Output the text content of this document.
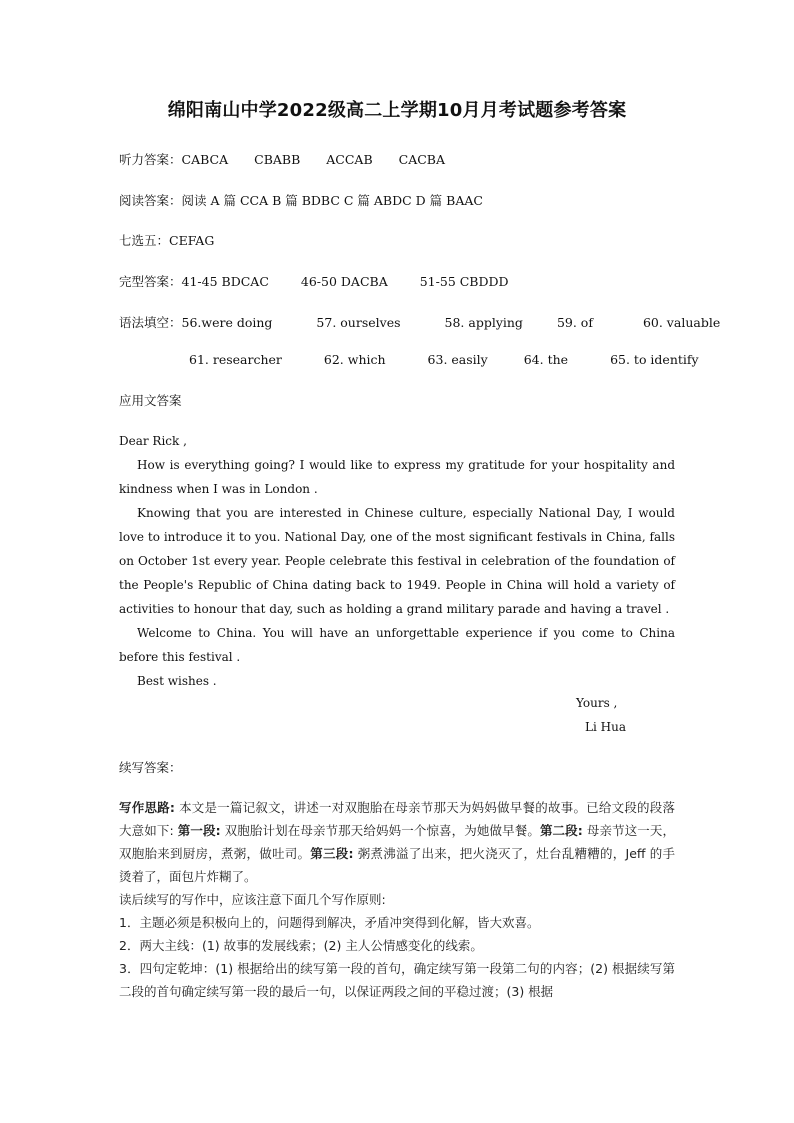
绵阳南山中学2022级高二上学期10月月考试题参考答案
听力答案：CABCA CBABB ACCAB CACBA
阅读答案：阅读 A 篇 CCA B 篇 BDBC C 篇 ABDC D 篇 BAAC
七选五：CEFAG
完型答案：41-45 BDCAC	46-50 DACBA	51-55 CBDDD
语法填空：56.were doing	57. ourselves	58. applying	59. of	60. valuable
61. researcher	62. which	63. easily	64. the	65. to identify
应用文答案

Dear Rick ,

How is everything going? I would like to express my gratitude for your hospitality and kindness when I was in London .

Knowing that you are interested in Chinese culture, especially National Day, I would love to introduce it to you. National Day, one of the most significant festivals in China, falls on October 1st every year. People celebrate this festival in celebration of the foundation of the People's Republic of China dating back to 1949. People in China will hold a variety of activities to honour that day, such as holding a grand military parade and having a travel .

Welcome to China. You will have an unforgettable experience if you come to China before this festival .

Best wishes .

Yours ,
Li Hua
续写答案：

写作思路: 本文是一篇记叙文，讲述一对双胞胎在母亲节那天为妈妈做早餐的故事。已给文段的段落大意如下: 第一段: 双胞胎计划在母亲节那天给妈妈一个惊喜，为她做早餐。第二段: 母亲节这一天，双胞胎来到厨房，煮粥，做吐司。第三段: 粥煮沸溢了出来，把火浇灭了，灶台乱糟糟的，Jeff 的手烫着了，面包片炸糊了。

读后续写的写作中，应该注意下面几个写作原则:

1．主题必须是积极向上的，问题得到解决，矛盾冲突得到化解，皆大欢喜。

2．两大主线：(1) 故事的发展线索；(2) 主人公情感变化的线索。

3．四句定乾坤：(1) 根据给出的续写第一段的首句，确定续写第一段第二句的内容；(2) 根据续写第二段的首句确定续写第一段的最后一句，以保证两段之间的平稳过渡；(3) 根据
